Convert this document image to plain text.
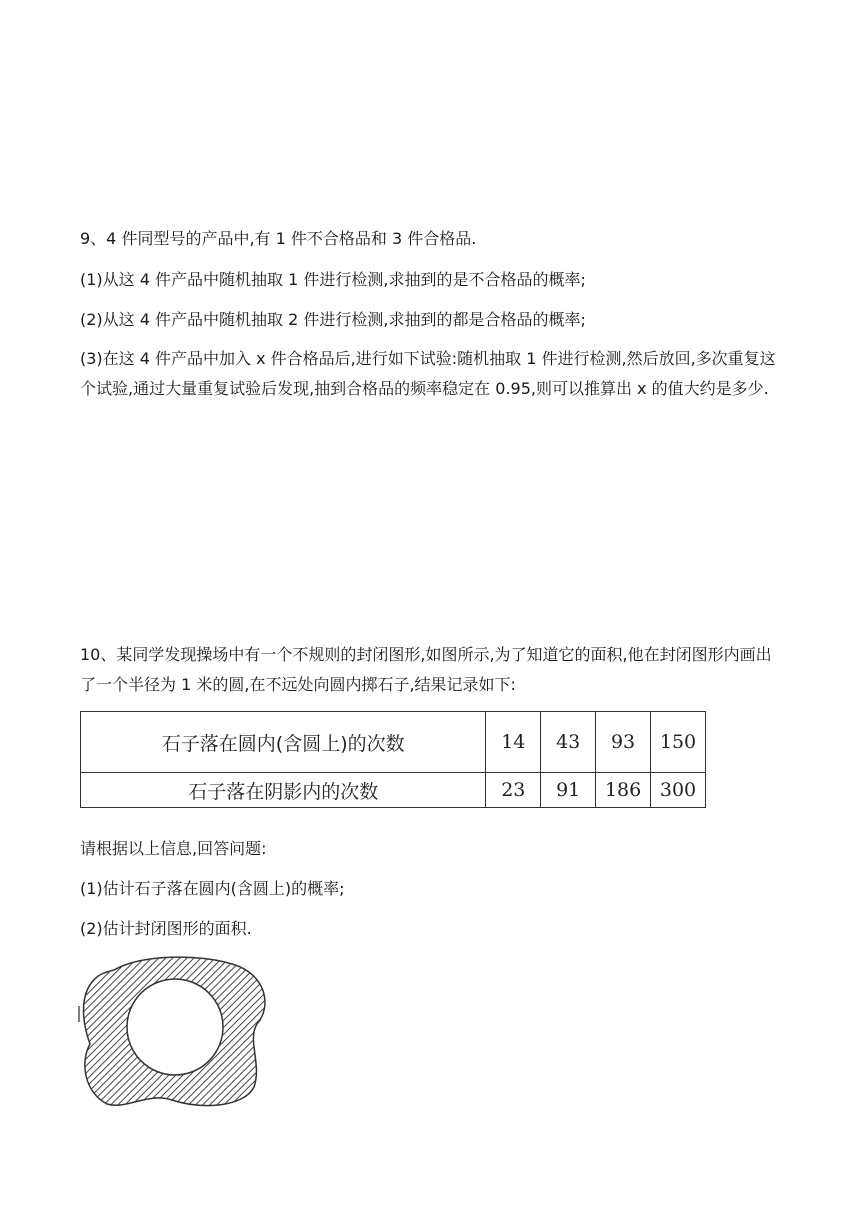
9、4 件同型号的产品中,有 1 件不合格品和 3 件合格品.
(1)从这 4 件产品中随机抽取 1 件进行检测,求抽到的是不合格品的概率;
(2)从这 4 件产品中随机抽取 2 件进行检测,求抽到的都是合格品的概率;
(3)在这 4 件产品中加入 x 件合格品后,进行如下试验:随机抽取 1 件进行检测,然后放回,多次重复这个试验,通过大量重复试验后发现,抽到合格品的频率稳定在 0.95,则可以推算出 x 的值大约是多少.
10、某同学发现操场中有一个不规则的封闭图形,如图所示,为了知道它的面积,他在封闭图形内画出了一个半径为 1 米的圆,在不远处向圆内掷石子,结果记录如下:
石子落在圆内(含圆上)的次数	14	43	93	150
石子落在阴影内的次数	23	91	186	300
请根据以上信息,回答问题:
(1)估计石子落在圆内(含圆上)的概率;
(2)估计封闭图形的面积.
